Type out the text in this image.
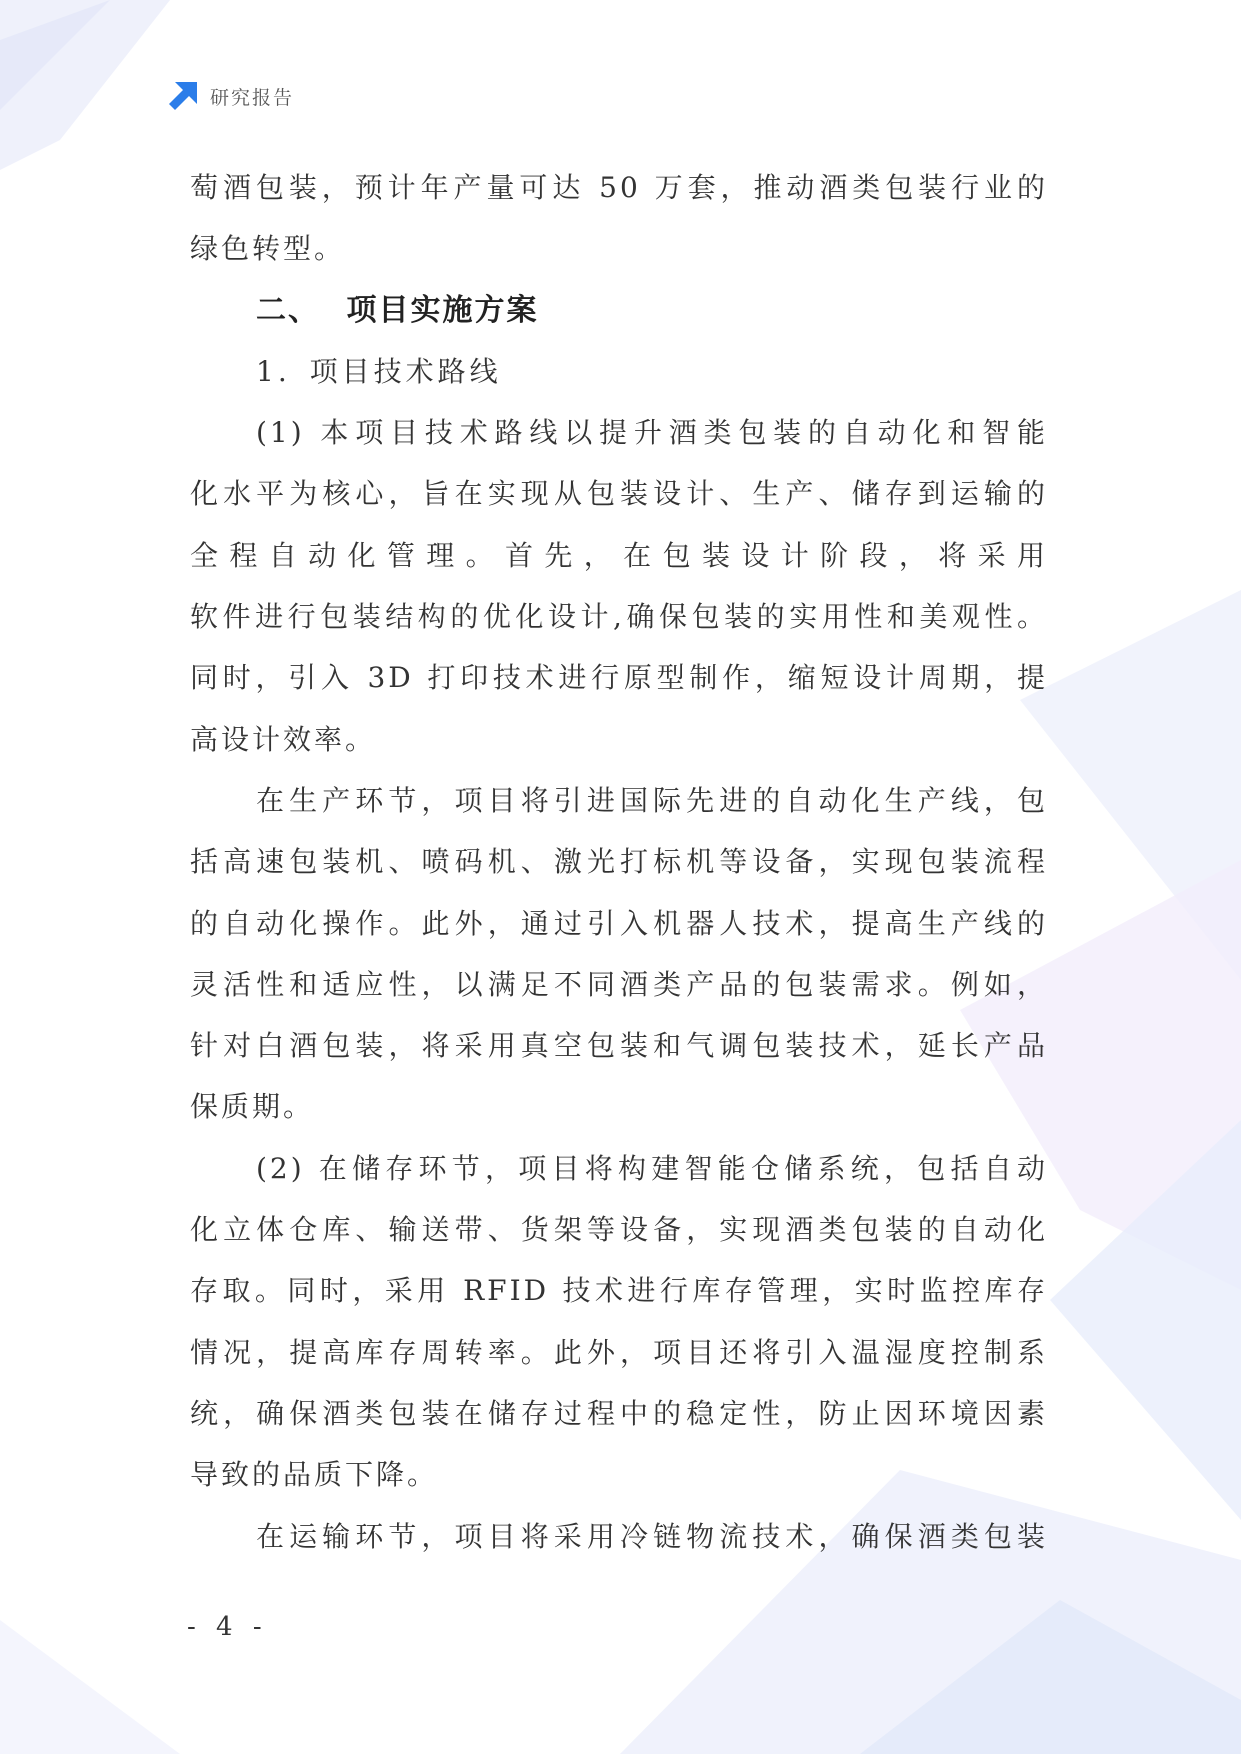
研究报告
萄酒包装，预计年产量可达 50 万套，推动酒类包装行业的
绿色转型。
二、 项目实施方案
1. 项目技术路线
(1) 本项目技术路线以提升酒类包装的自动化和智能
化水平为核心，旨在实现从包装设计、生产、储存到运输的
全程自动化管理。首先，在包装设计阶段，将采用
软件进行包装结构的优化设计,确保包装的实用性和美观性。
同时，引入 3D 打印技术进行原型制作，缩短设计周期，提
高设计效率。
在生产环节，项目将引进国际先进的自动化生产线，包
括高速包装机、喷码机、激光打标机等设备，实现包装流程
的自动化操作。此外，通过引入机器人技术，提高生产线的
灵活性和适应性，以满足不同酒类产品的包装需求。例如，
针对白酒包装，将采用真空包装和气调包装技术，延长产品
保质期。
(2) 在储存环节，项目将构建智能仓储系统，包括自动
化立体仓库、输送带、货架等设备，实现酒类包装的自动化
存取。同时，采用 RFID 技术进行库存管理，实时监控库存
情况，提高库存周转率。此外，项目还将引入温湿度控制系
统，确保酒类包装在储存过程中的稳定性，防止因环境因素
导致的品质下降。
在运输环节，项目将采用冷链物流技术，确保酒类包装
- 4 -
